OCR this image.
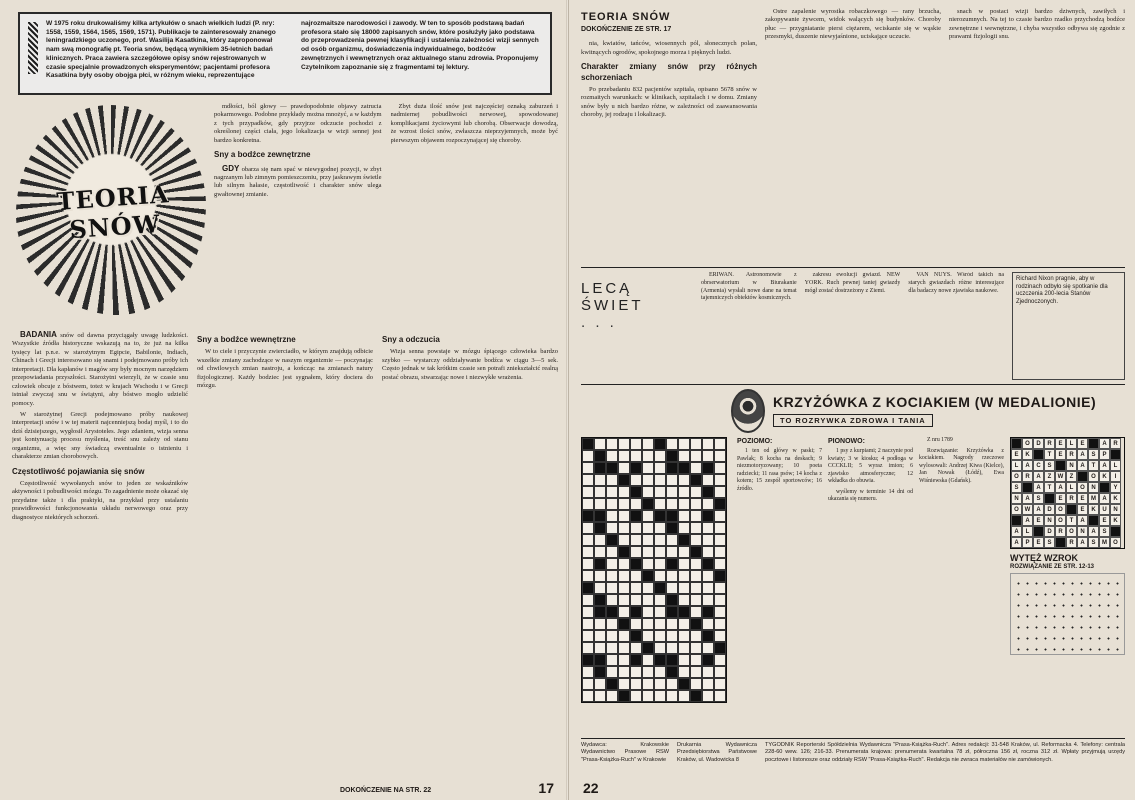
W 1975 roku drukowaliśmy kilka artykułów o snach wielkich ludzi (P. nry: 1558, 1559, 1564, 1565, 1569, 1571). Publikacje te zainteresowały znanego leningradzkiego uczonego, prof. Wasilija Kasatkina, który zaproponował nam swą monografię pt. Teoria snów, będącą wynikiem 35-letnich badań klinicznych. Praca zawiera szczegółowe opisy snów rejestrowanych w czasie specjalnie prowadzonych eksperymentów; pacjentami profesora Kasatkina były osoby obojga płci, w różnym wieku, reprezentujące najrozmaitsze narodowości i zawody. W ten to sposób podstawą badań profesora stało się 18000 zapisanych snów, które posłużyły jako podstawa do przeprowadzenia pewnej klasyfikacji i ustalenia zależności wizji sennych od osób organizmu, doświadczenia indywidualnego, bodźców zewnętrznych i wewnętrznych oraz aktualnego stanu zdrowia. Proponujemy Czytelnikom zapoznanie się z fragmentami tej lektury.
TEORIA SNÓW

mdłości, ból głowy — prawdopodobnie objawy zatrucia pokarmowego. Podobne przykłady można mnożyć, a w każdym z tych przypadków, gdy przyjrze odczucie pochodzi z określonej części ciała, jego lokalizacja w wizji sennej jest bardzo konkretna.

Sny a bodźce zewnętrzne

GDY obarza się nam spać w niewygodnej pozycji, w zbyt nagrzanym lub zimnym pomieszczeniu, przy jaskrawym świetle lub silnym hałasie, częstotliwość i charakter snów ulega gwałtownej zmianie.

Zbyt duża ilość snów jest najczęściej oznaką zaburzeń i nadmiernej pobudliwości nerwowej, spowodowanej komplikacjami życiowymi lub chorobą. Obserwacje dowodzą, że wzrost ilości snów, zwłaszcza nieprzyjemnych, może być pierwszym objawem rozpoczynającej się choroby.

BADANIA snów od dawna przyciągały uwagę ludzkości. Wszystkie źródła historyczne wskazują na to, że już na kilka tysięcy lat p.n.e. w starożytnym Egipcie, Babilonie, Indiach, Chinach i Grecji interesowano się snami i podejmowano próby ich interpretacji. Dla kapłanów i magów sny były mocnym narzędziem przepowiadania przyszłości. Starożytni wierzyli, że w czasie snu człowiek obcuje z bóstwem, toteż w krajach Wschodu i w Grecji istniał zwyczaj snu w świątyni, aby bóstwo mogło udzielić pomocy.

W starożytnej Grecji podejmowano próby naukowej interpretacji snów i w tej materii najcenniejszą bodaj myśl, i to do dziś dzisiejszego, wygłosił Arystoteles. Jego zdaniem, wizja senna jest kontynuacją procesu myślenia, treść snu zależy od stanu organizmu, a więc sny świadczą ewentualnie o istnieniu i charakterze zmian chorobowych.

Częstotliwość pojawiania się snów

Częstotliwość wywołanych snów to jeden ze wskaźników aktywności i pobudliwości mózgu. To zagadnienie może okazać się przydatne także i dla praktyki, na przykład przy ustalaniu prawidłowości funkcjonowania układu nerwowego oraz przy diagnostyce niektórych schorzeń.

Sny a bodźce wewnętrzne

W to ciele i przyczynie zwierciadło, w którym znajdują odbicie wszelkie zmiany zachodzące w naszym organizmie — poczynając od chwilowych zmian nastroju, a kończąc na zmianach natury fizjologicznej. Każdy bodziec jest sygnałem, który dociera do mózgu.

Sny a odczucia

Wizja senna powstaje w mózgu śpiącego człowieka bardzo szybko — wystarczy oddziaływanie bodźca w ciągu 3—5 sek. Często jednak w tak krótkim czasie sen potrafi zniekształcić realną postać obrazu, stwarzając nowe i niezwykłe wrażenia.

DOKOŃCZENIE NA STR. 22	17
TEORIA SNÓW
DOKOŃCZENIE ZE STR. 17

nia, kwiatów, tańców, wiosennych pól, słonecznych polan, kwitnących ogrodów, spokojnego morza i pięknych ludzi.

Charakter zmiany snów przy różnych schorzeniach

Po przebadaniu 832 pacjentów szpitala, opisano 5678 snów w rozmaitych warunkach: w klinikach, szpitalach i w domu. Zmiany snów były u nich bardzo różne, w zależności od zaawansowania choroby, jej rodzaju i lokalizacji.

Ostre zapalenie wyrostka robaczkowego — rany brzucha, zakopywanie żywcem, widok walących się budynków. Choroby płuc — przygniatanie piersi ciężarem, wciskanie się w wąskie przesmyki, duszenie niewyjaśnione, uciskające uczucie.

snach w postaci wizji bardzo dziwnych, zawiłych i nierozumnych. Na tej to czasie bardzo rzadko przychodzą bodźce zewnętrzne i wewnętrzne, i chyba wszystko odbywa się zgodnie z prawami fizjologii snu.

LECĄ ŚWIET
. . .

ERIWAN. Astronomowie z obrserwatorium w Biurakanie (Armenia) wysłali nowe dane na temat tajemniczych obiektów kosmicznych.

zakresu ewolucji gwiazd. NEW YORK. Ruch pewnej taniej gwiazdy mógł zostać dostrzeżony z Ziemi.

VAN NUYS. Wśród takich na starych gwiazdach różne interesujące dla badaczy nowe zjawiska naukowe.

Richard Nixon pragnie, aby w rodzinach odbyło się spotkanie dla uczczenia 200-lecia Stanów Zjednoczonych.
KRZYŻÓWKA Z KOCIAKIEM (W MEDALIONIE)
TO ROZRYWKA ZDROWA I TANIA
POZIOMO:

1 ten od główy w paski; 7 Pawlak; 8 kocha na deskach; 9 niezmotoryzowany; 10 poeta radziecki; 11 rasa psów; 14 kocha z kotem; 15 zespół sportowców; 16 źródło.

PIONOWO:

1 psy z kurpiami; 2 naczynie pod kwiaty; 3 w kiosku; 4 podłoga w CCCKLII; 5 wyraz imion; 6 zjawisko atmosferyczne; 12 wkładka do obuwia.

wyślemy w terminie 14 dni od ukazania się numeru.

Z nru 1789

Rozwiązanie: Krzyżówka z kociakiem. Nagrody rzeczowe wylosowali: Andrzej Kiwa (Kielce), Jan Nowak (Łódź), Ewa Wiśniewska (Gdańsk).

O	D	R	E	L	E	A	R
E	K	T	E	R	A	S	P
L	A	C	S	N	A	T	A	L
O	R	A	Z	W	Z	O	K	I
S	A	T	A	L	O	N	Y
N	A	S	E	R	E	M	A	K
O W	A	D	O	E	K	U	N
A	E	N	O	T	A	E	K
A	L	D	R	O	N	A	S
A	P	E	S	R	A	S	M	O
WYTĘŻ WZROK
ROZWIĄZANIE ZE STR. 12-13
Wydawca: Krakowskie Wydawnictwo Prasowe RSW "Prasa-Książka-Ruch" w Krakowie
Drukarnia Wydawnicza Przedsiębiorstwa Państwowe Kraków, ul. Wadowicka 8
TYGODNIK Reporterski Spółdzielnia Wydawnicza "Prasa-Książka-Ruch". Adres redakcji: 31-548 Kraków, ul. Reformacka 4. Telefony: centrala 228-60 wew. 126; 216-33. Prenumerata krajowa: prenumerata kwartalna 78 zł, półroczna 156 zł, roczna 312 zł. Wpłaty przyjmują urzędy pocztowe i listonosze oraz oddziały RSW "Prasa-Książka-Ruch". Redakcja nie zwraca materiałów nie zamówionych.
22
